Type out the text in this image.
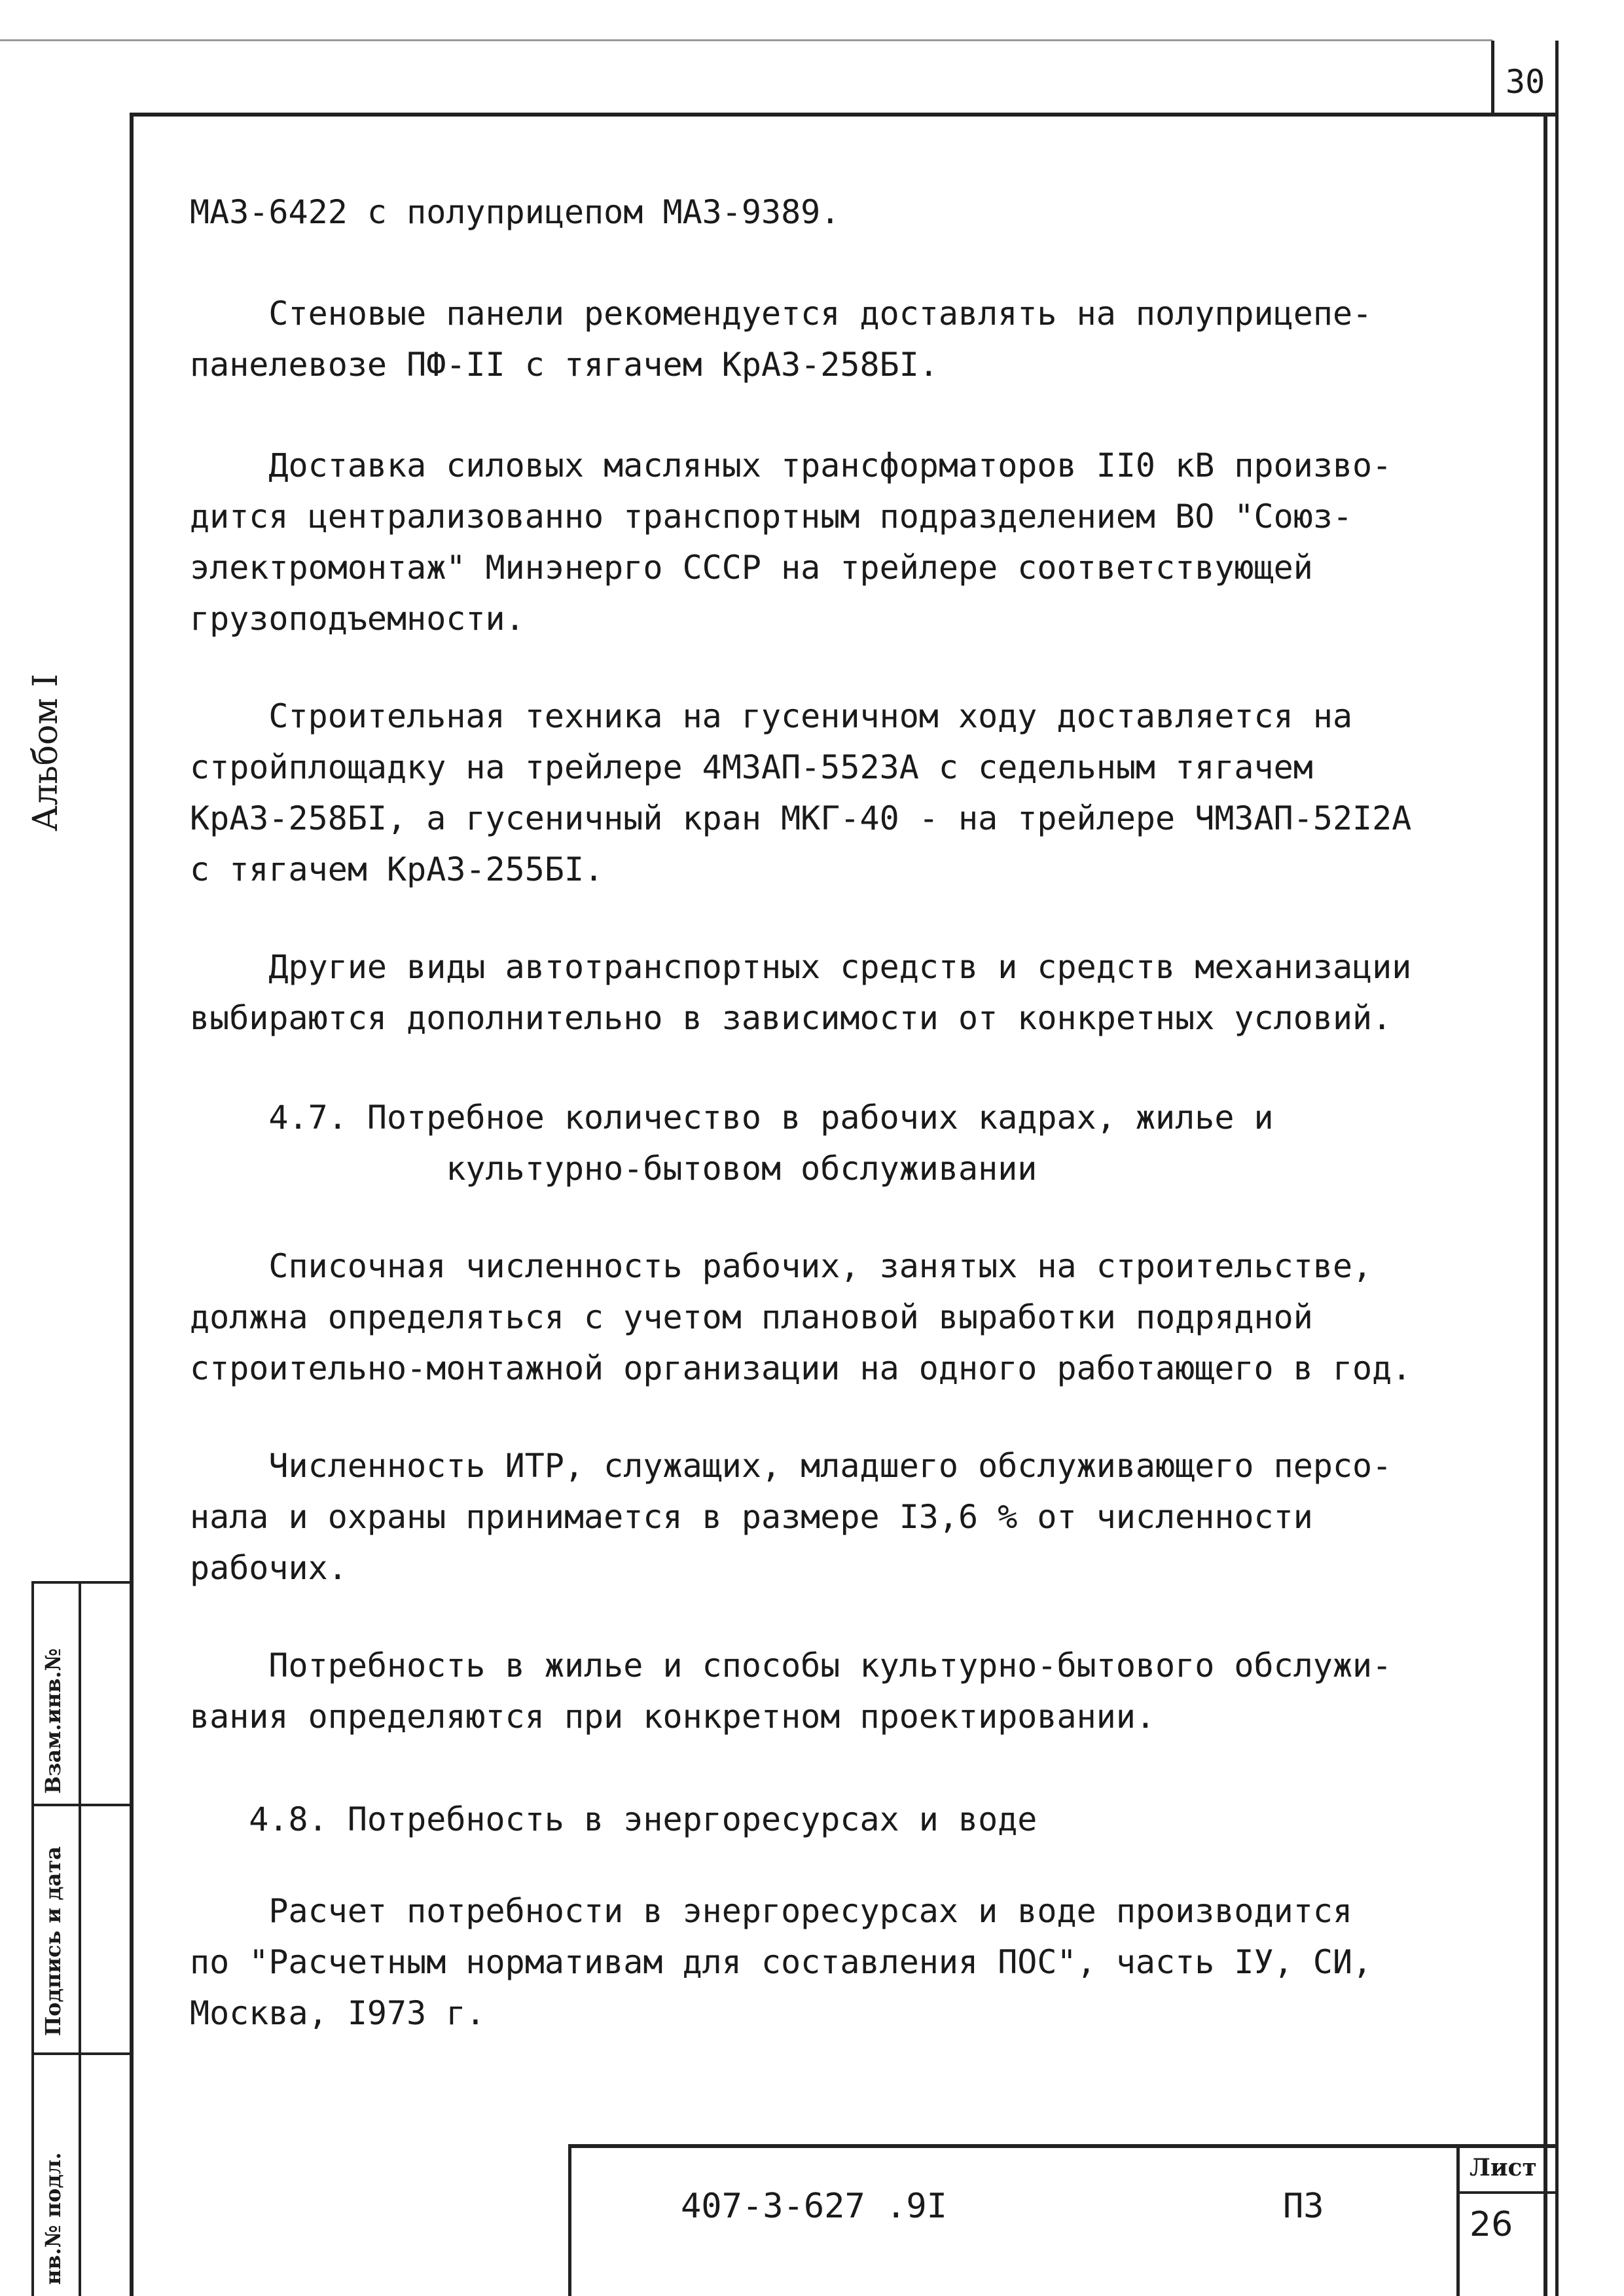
30
Альбом I
Взам.инв.№
Подпись и дата
нв.№ подл.
МАЗ-6422 с полуприцепом МАЗ-9389.
Стеновые панели рекомендуется доставлять на полуприцепе-
панелевозе ПФ-II с тягачем КрАЗ-258БI.
Доставка силовых масляных трансформаторов II0 кВ произво-
дится централизованно транспортным подразделением ВО "Союз-
электромонтаж" Минэнерго СССР на трейлере соответствующей
грузоподъемности.
Строительная техника на гусеничном ходу доставляется на
стройплощадку на трейлере 4МЗАП-5523А с седельным тягачем
КрАЗ-258БI, а гусеничный кран МКГ-40 - на трейлере ЧМЗАП-52I2А
с тягачем КрАЗ-255БI.
Другие виды автотранспортных средств и средств механизации
выбираются дополнительно в зависимости от конкретных условий.
4.7. Потребное количество в рабочих кадрах, жилье и
культурно-бытовом обслуживании
Списочная численность рабочих, занятых на строительстве,
должна определяться с учетом плановой выработки подрядной
строительно-монтажной организации на одного работающего в год.
Численность ИТР, служащих, младшего обслуживающего персо-
нала и охраны принимается в размере I3,6 % от численности
рабочих.
Потребность в жилье и способы культурно-бытового обслужи-
вания определяются при конкретном проектировании.
4.8. Потребность в энергоресурсах и воде
Расчет потребности в энергоресурсах и воде производится
по "Расчетным нормативам для составления ПОС", часть IУ, СИ,
Москва, I973 г.
407-3-627 .9I	ПЗ
Лист
26
